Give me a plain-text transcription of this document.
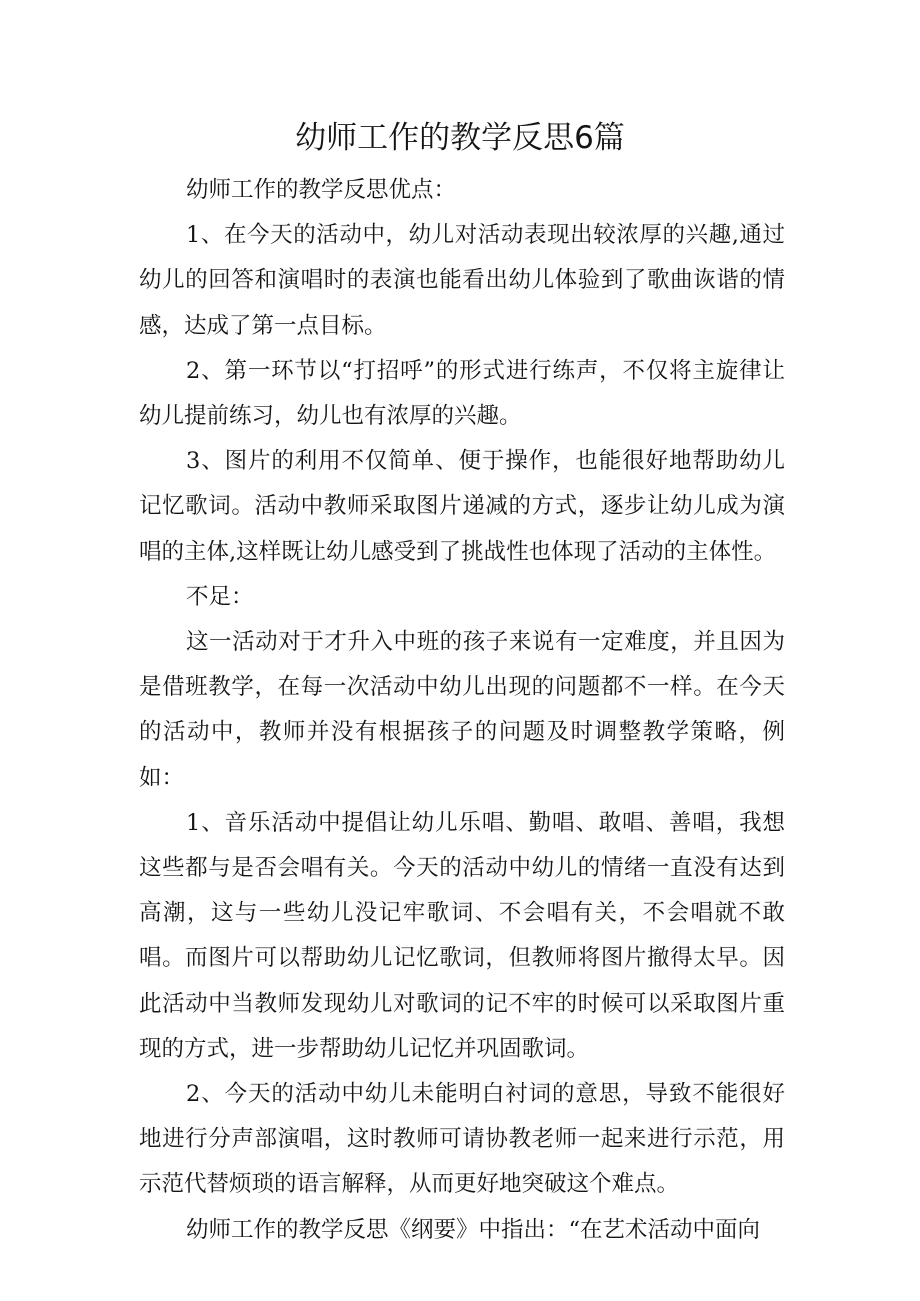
幼师工作的教学反思6篇

幼师工作的教学反思优点：

1、在今天的活动中，幼儿对活动表现出较浓厚的兴趣,通过幼儿的回答和演唱时的表演也能看出幼儿体验到了歌曲诙谐的情感，达成了第一点目标。

2、第一环节以“打招呼”的形式进行练声，不仅将主旋律让幼儿提前练习，幼儿也有浓厚的兴趣。

3、图片的利用不仅简单、便于操作，也能很好地帮助幼儿记忆歌词。活动中教师采取图片递减的方式，逐步让幼儿成为演唱的主体,这样既让幼儿感受到了挑战性也体现了活动的主体性。

不足：

这一活动对于才升入中班的孩子来说有一定难度，并且因为是借班教学，在每一次活动中幼儿出现的问题都不一样。在今天的活动中，教师并没有根据孩子的问题及时调整教学策略，例如：

1、音乐活动中提倡让幼儿乐唱、勤唱、敢唱、善唱，我想这些都与是否会唱有关。今天的活动中幼儿的情绪一直没有达到高潮，这与一些幼儿没记牢歌词、不会唱有关，不会唱就不敢唱。而图片可以帮助幼儿记忆歌词，但教师将图片撤得太早。因此活动中当教师发现幼儿对歌词的记不牢的时候可以采取图片重现的方式，进一步帮助幼儿记忆并巩固歌词。

2、今天的活动中幼儿未能明白衬词的意思，导致不能很好地进行分声部演唱，这时教师可请协教老师一起来进行示范，用示范代替烦琐的语言解释，从而更好地突破这个难点。

幼师工作的教学反思《纲要》中指出：“在艺术活动中面向
